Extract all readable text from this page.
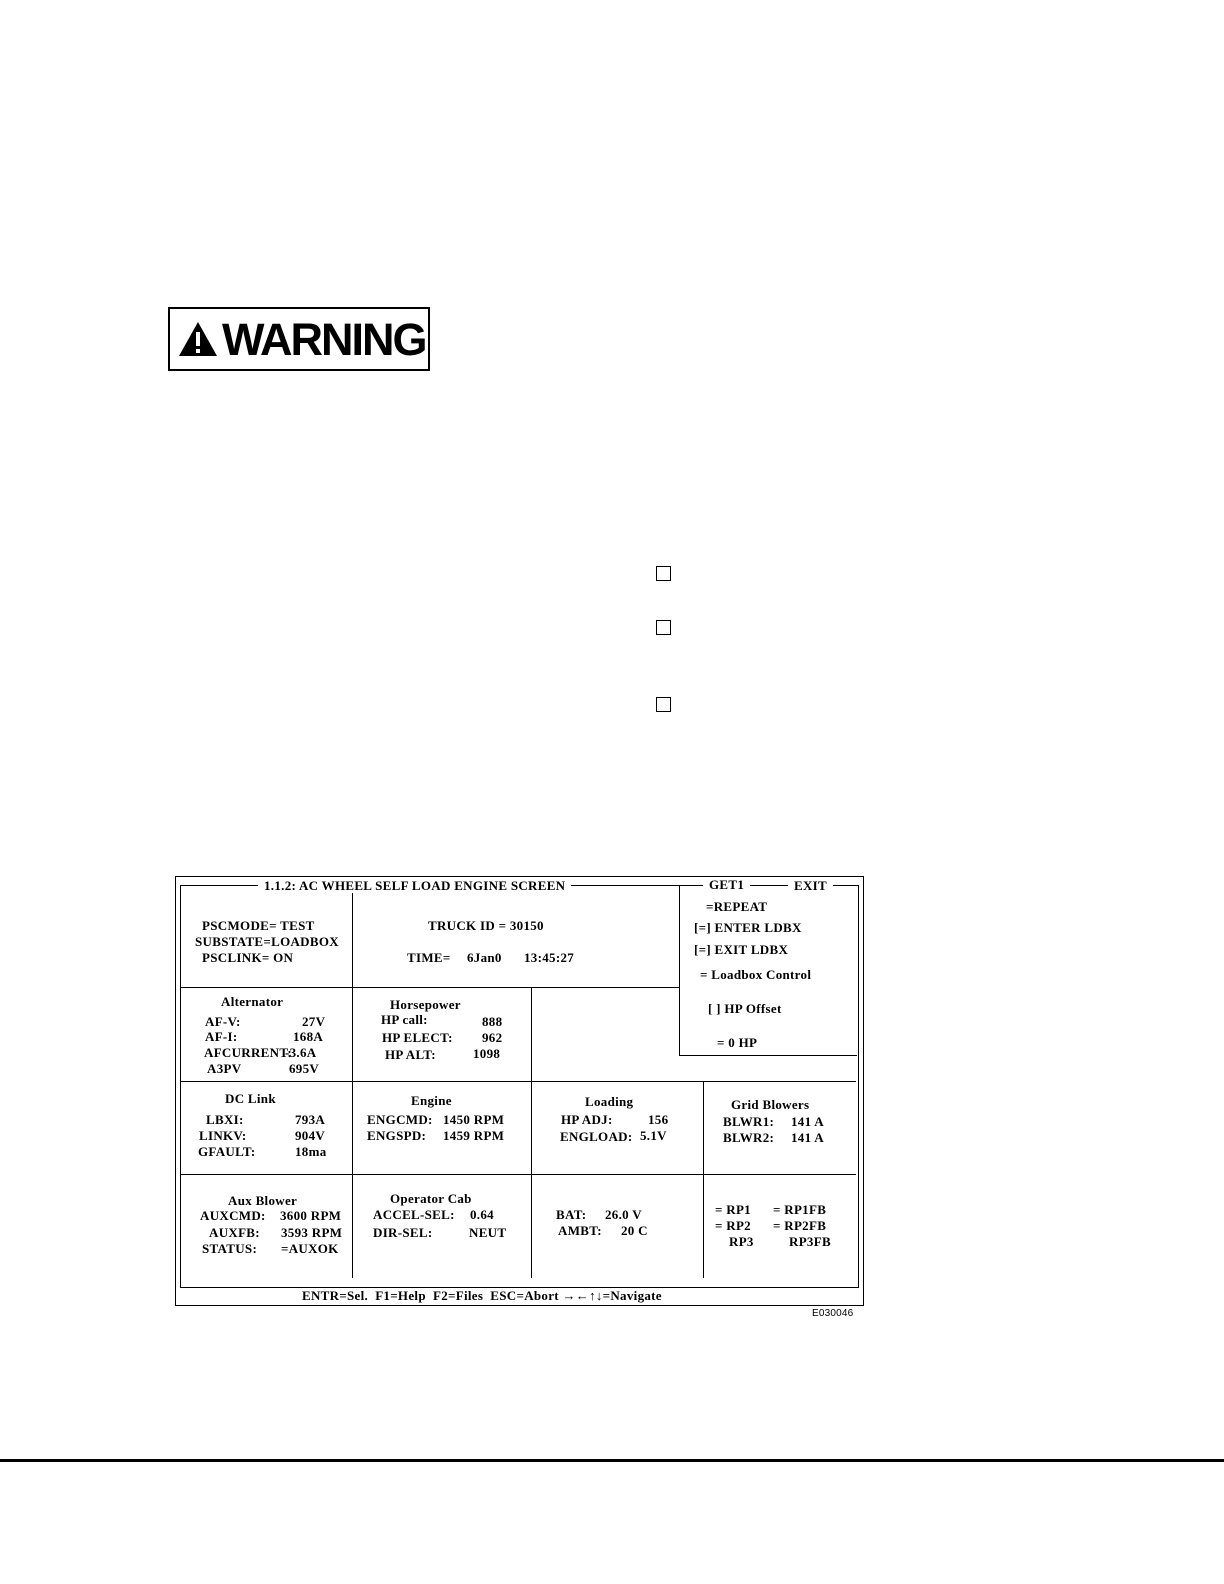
WARNING
1.1.2: AC WHEEL SELF LOAD ENGINE SCREEN	GET1	EXIT
=REPEAT
[=] ENTER LDBX
[=] EXIT LDBX
= Loadbox Control
[ ] HP Offset
= 0 HP
PSCMODE= TEST
SUBSTATE=LOADBOX
PSCLINK= ON
TRUCK ID = 30150
TIME= 6Jan0 13:45:27
Alternator
AF-V:	27V
AF-I:	168A
AFCURRENT:
-3.6A
A3PV	695V
Horsepower
HP call:	888
HP ELECT: 962
HP ALT:	1098
DC Link
LBXI:	793A
LINKV:	904V
GFAULT:	18ma
Engine
ENGCMD: 1450 RPM
ENGSPD: 1459 RPM
Loading
HP ADJ:	156
ENGLOAD: 5.1V
Grid Blowers
BLWR1: 141 A
BLWR2: 141 A
Aux Blower
AUXCMD: 3600 RPM
AUXFB: 3593 RPM
STATUS: =AUXOK
Operator Cab
ACCEL-SEL: 0.64
DIR-SEL:	NEUT
BAT: 26.0 V
AMBT: 20 C
= RP1 = RP1FB
= RP2 = RP2FB
RP3	RP3FB
ENTR=Sel.  F1=Help  F2=Files  ESC=Abort →←↑↓=Navigate
E030046
